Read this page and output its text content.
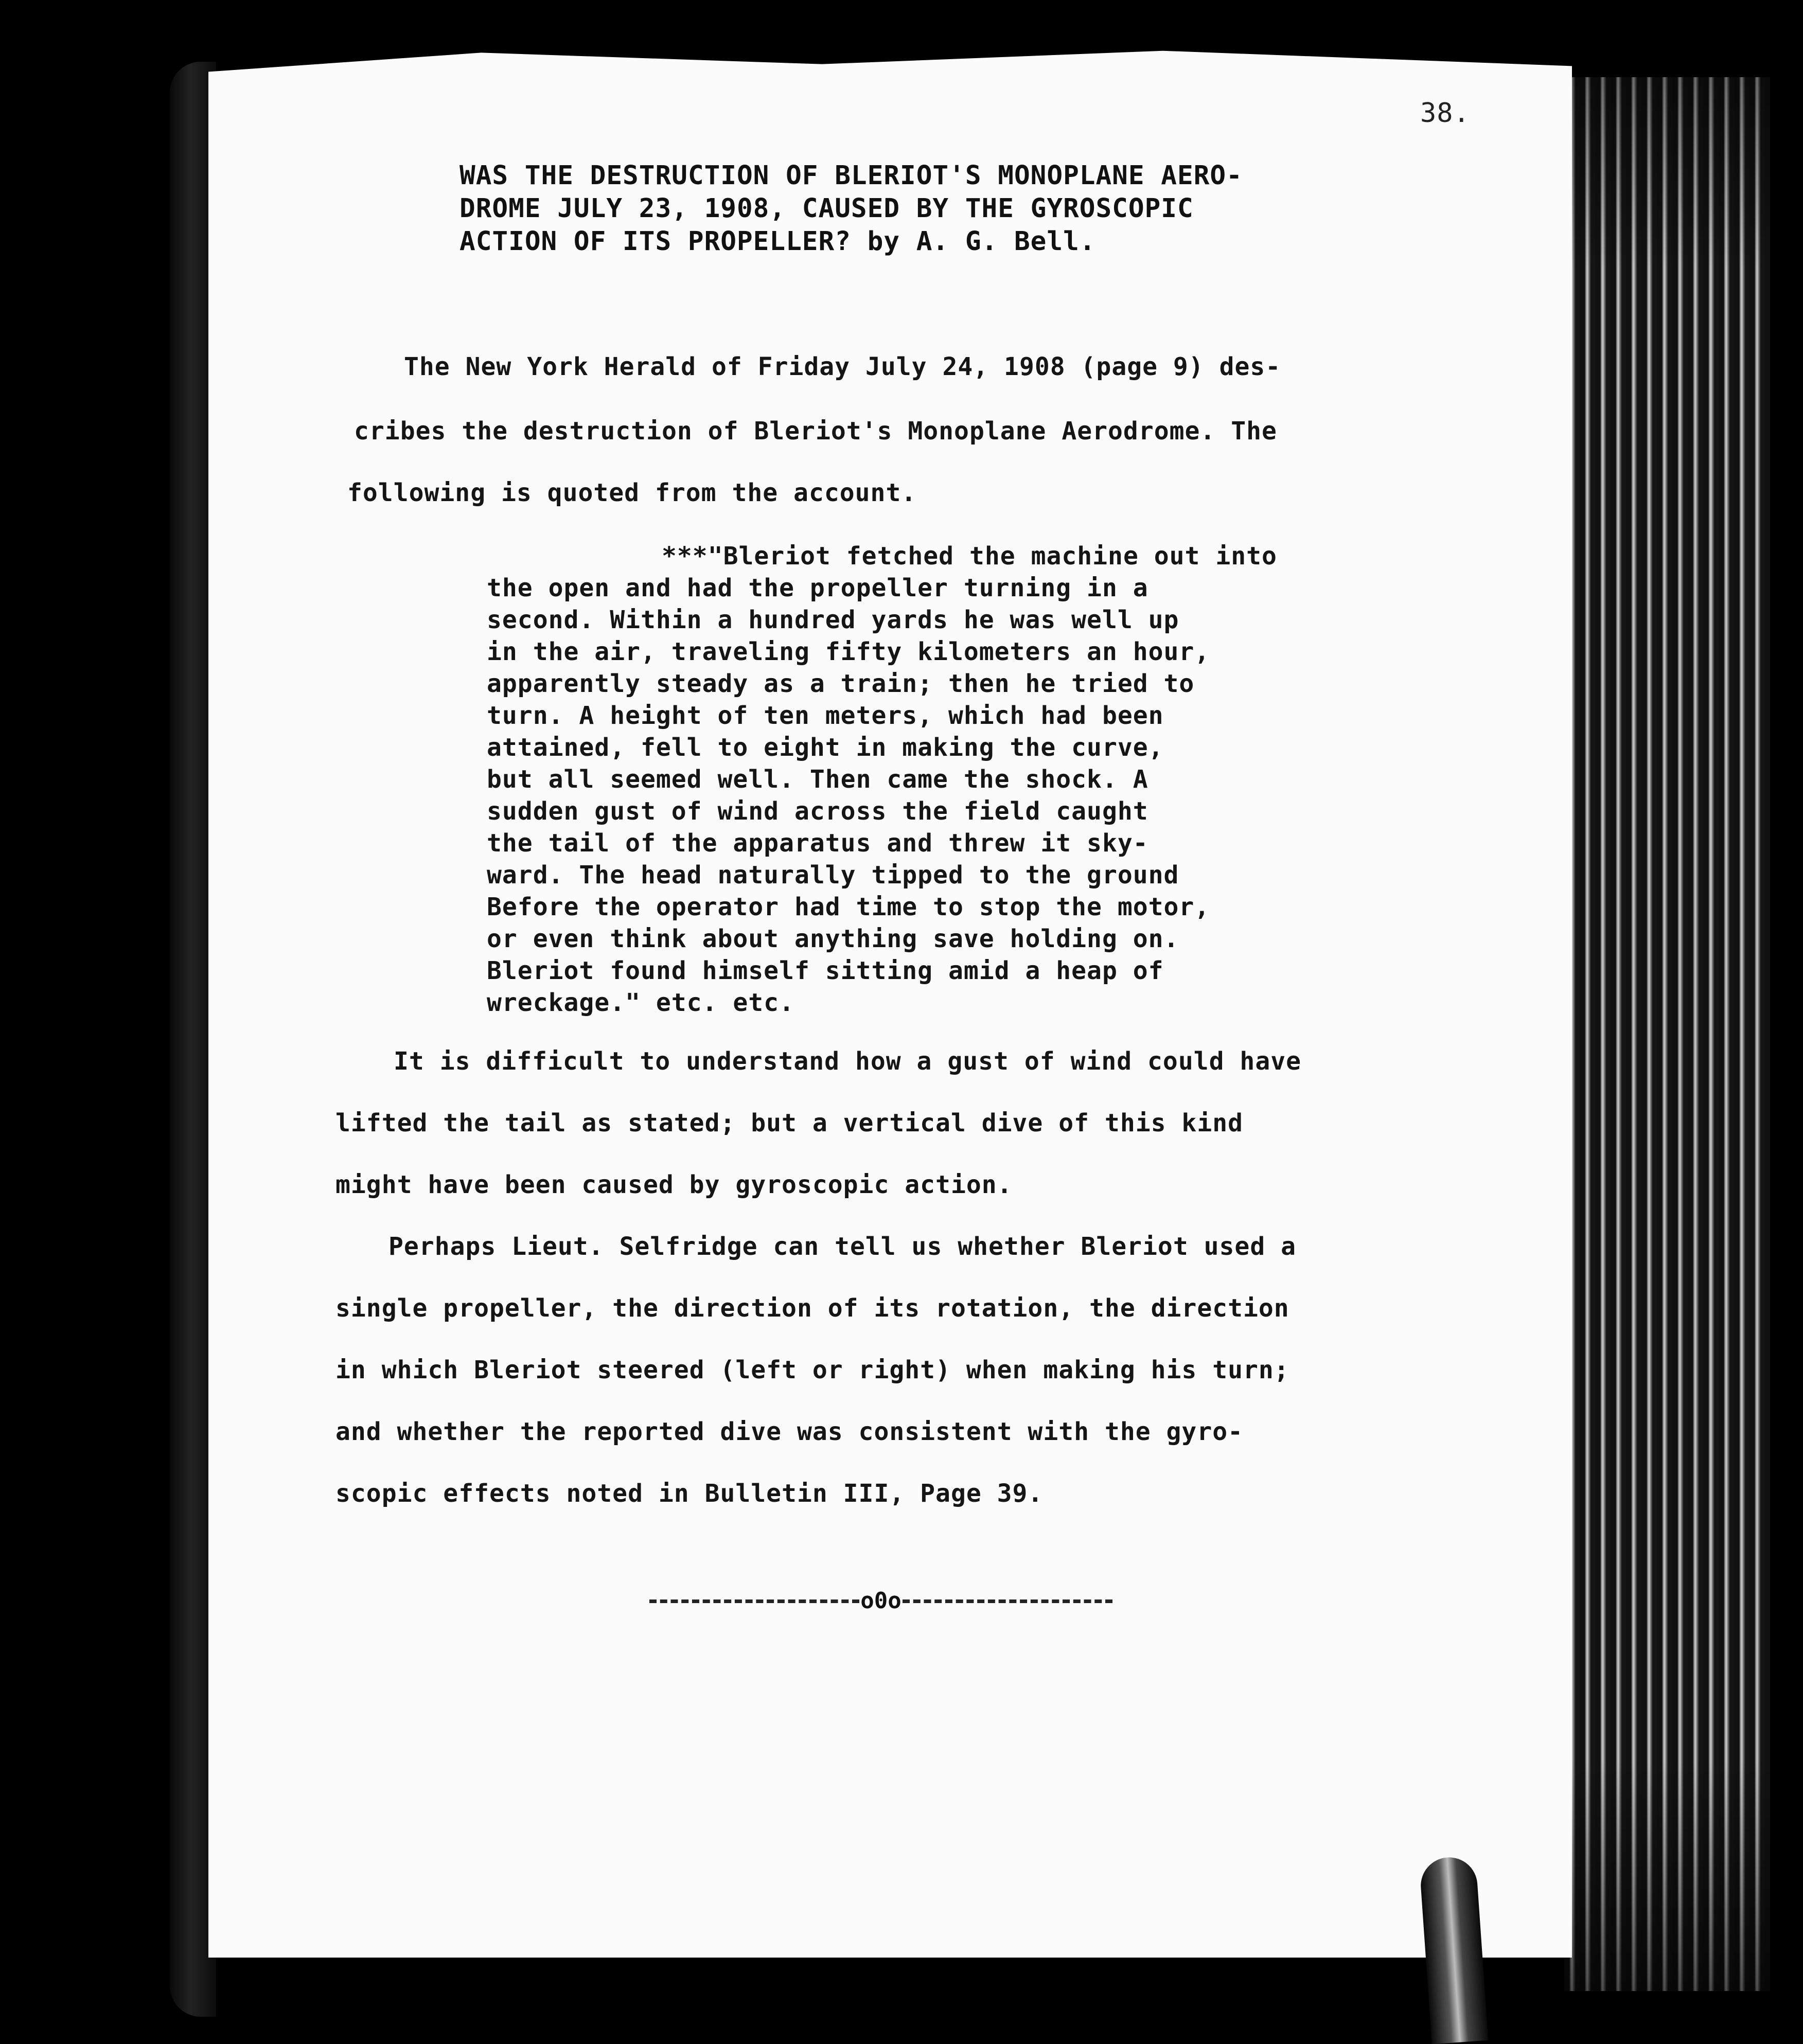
38.
WAS THE DESTRUCTION OF BLERIOT'S MONOPLANE AERO-
DROME JULY 23, 1908, CAUSED BY THE GYROSCOPIC
ACTION OF ITS PROPELLER? by A. G. Bell.
The New York Herald of Friday July 24, 1908 (page 9) des-
cribes the destruction of Bleriot's Monoplane Aerodrome. The
following is quoted from the account.
***"Bleriot fetched the machine out into
the open and had the propeller turning in a
second. Within a hundred yards he was well up
in the air, traveling fifty kilometers an hour,
apparently steady as a train; then he tried to
turn. A height of ten meters, which had been
attained, fell to eight in making the curve,
but all seemed well. Then came the shock. A
sudden gust of wind across the field caught
the tail of the apparatus and threw it sky-
ward. The head naturally tipped to the ground
Before the operator had time to stop the motor,
or even think about anything save holding on.
Bleriot found himself sitting amid a heap of
wreckage." etc. etc.
It is difficult to understand how a gust of wind could have
lifted the tail as stated; but a vertical dive of this kind
might have been caused by gyroscopic action.
Perhaps Lieut. Selfridge can tell us whether Bleriot used a
single propeller, the direction of its rotation, the direction
in which Bleriot steered (left or right) when making his turn;
and whether the reported dive was consistent with the gyro-
scopic effects noted in Bulletin III, Page 39.
o0o
